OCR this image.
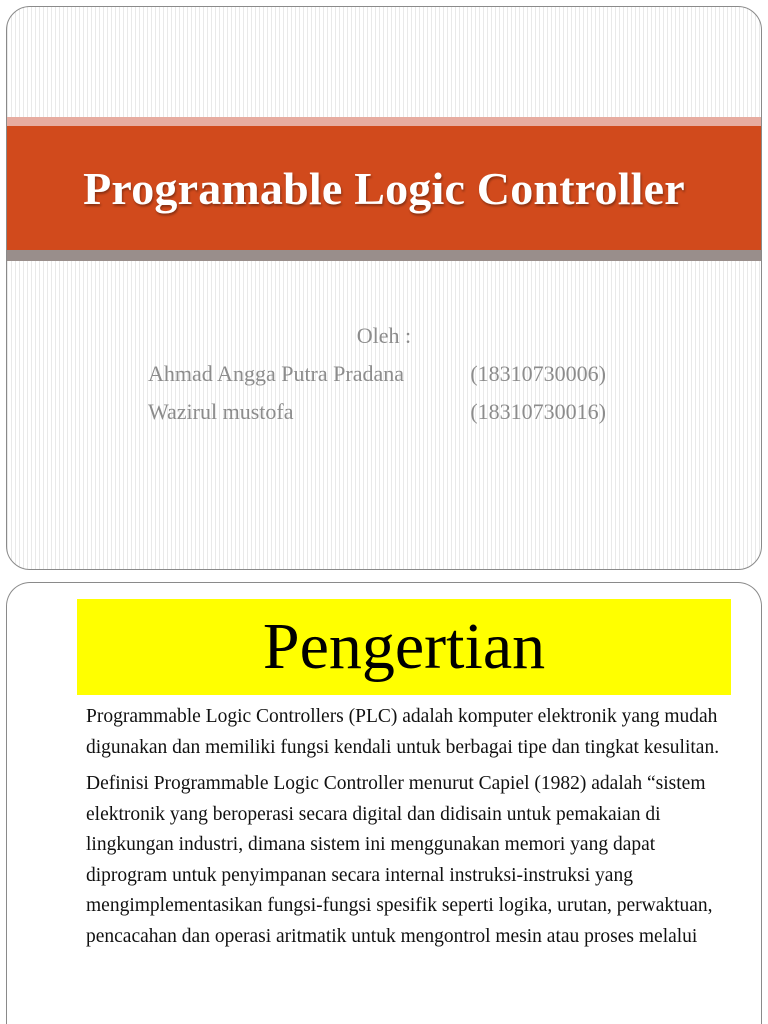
Programable Logic Controller
Oleh :
Ahmad Angga Putra Pradana	(18310730006)
Wazirul mustofa	(18310730016)
Pengertian

Programmable Logic Controllers (PLC) adalah komputer elektronik yang mudah digunakan dan memiliki fungsi kendali untuk berbagai tipe dan tingkat kesulitan.

Definisi Programmable Logic Controller menurut Capiel (1982) adalah “sistem elektronik yang beroperasi secara digital dan didisain untuk pemakaian di lingkungan industri, dimana sistem ini menggunakan memori yang dapat diprogram untuk penyimpanan secara internal instruksi-instruksi yang mengimplementasikan fungsi-fungsi spesifik seperti logika, urutan, perwaktuan, pencacahan dan operasi aritmatik untuk mengontrol mesin atau proses melalui
